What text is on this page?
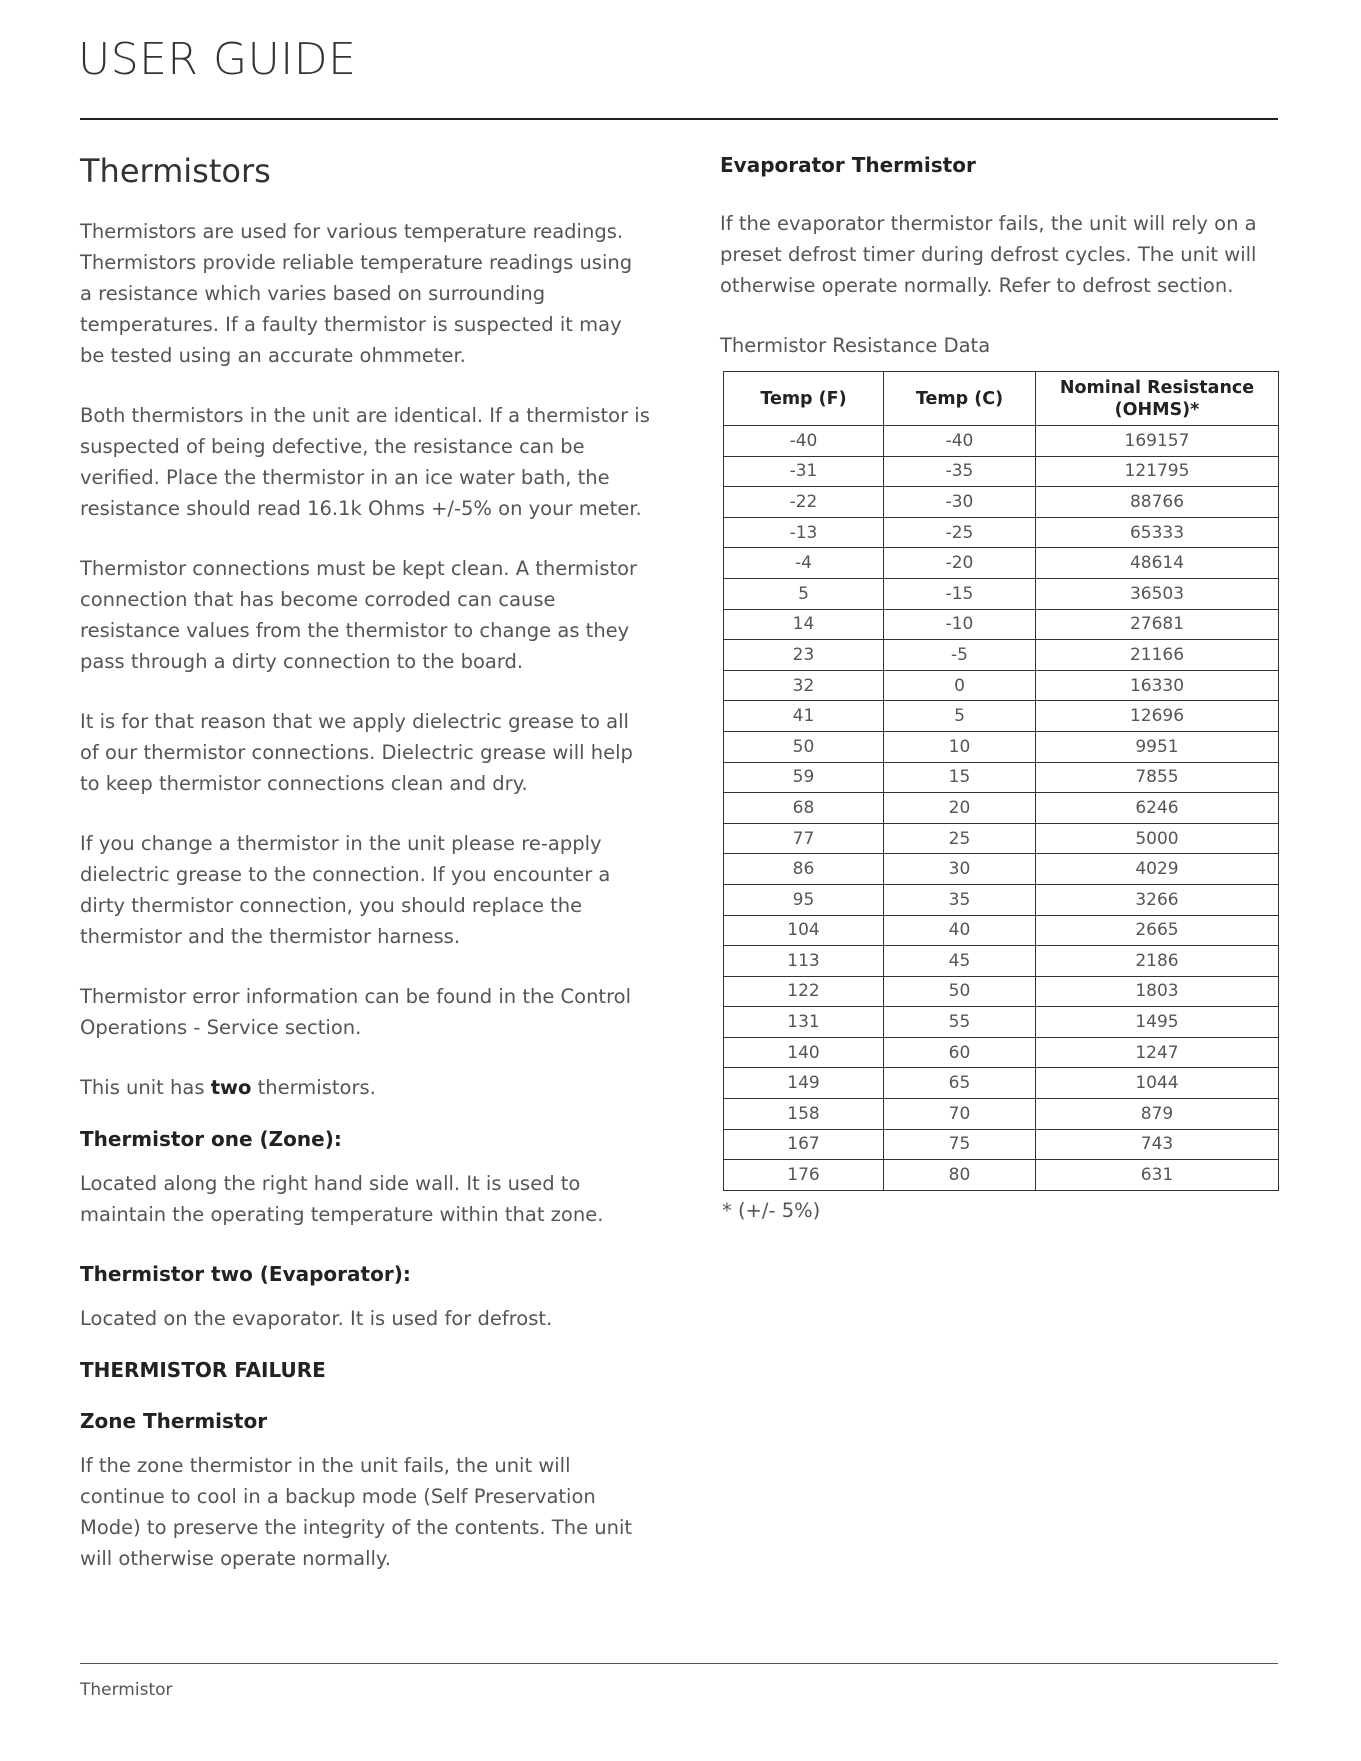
USER GUIDE
Thermistors

Thermistors are used for various temperature readings. Thermistors provide reliable temperature readings using a resistance which varies based on surrounding temperatures. If a faulty thermistor is suspected it may be tested using an accurate ohmmeter.

Both thermistors in the unit are identical. If a thermistor is suspected of being defective, the resistance can be verified. Place the thermistor in an ice water bath, the resistance should read 16.1k Ohms +/-5% on your meter.

Thermistor connections must be kept clean. A thermistor connection that has become corroded can cause resistance values from the thermistor to change as they pass through a dirty connection to the board.

It is for that reason that we apply dielectric grease to all of our thermistor connections. Dielectric grease will help to keep thermistor connections clean and dry.

If you change a thermistor in the unit please re-apply dielectric grease to the connection. If you encounter a dirty thermistor connection, you should replace the thermistor and the thermistor harness.

Thermistor error information can be found in the Control Operations - Service section.

This unit has two thermistors.

Thermistor one (Zone):

Located along the right hand side wall. It is used to maintain the operating temperature within that zone.

Thermistor two (Evaporator):

Located on the evaporator. It is used for defrost.

THERMISTOR FAILURE
Zone Thermistor

If the zone thermistor in the unit fails, the unit will continue to cool in a backup mode (Self Preservation Mode) to preserve the integrity of the contents. The unit will otherwise operate normally.

Evaporator Thermistor

If the evaporator thermistor fails, the unit will rely on a preset defrost timer during defrost cycles. The unit will otherwise operate normally. Refer to defrost section.

Thermistor Resistance Data
Temp (F)	Temp (C)	Nominal Resistance (OHMS)*
-40	-40	169157
-31	-35	121795
-22	-30	88766
-13	-25	65333
-4	-20	48614
5	-15	36503
14	-10	27681
23	-5	21166
32	0	16330
41	5	12696
50	10	9951
59	15	7855
68	20	6246
77	25	5000
86	30	4029
95	35	3266
104	40	2665
113	45	2186
122	50	1803
131	55	1495
140	60	1247
149	65	1044
158	70	879
167	75	743
176	80	631
* (+/- 5%)
Thermistor
